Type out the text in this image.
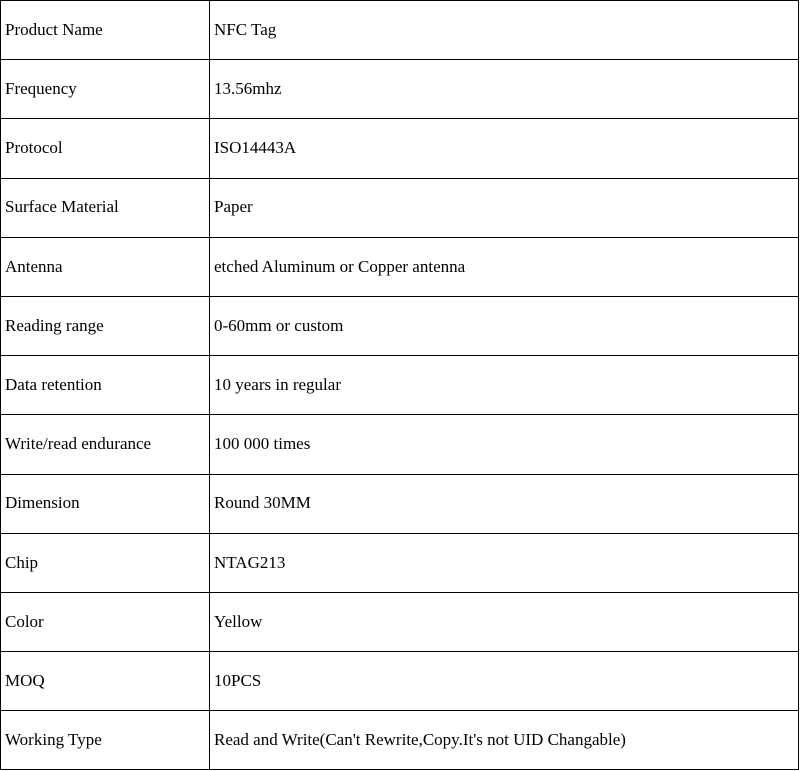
Product Name	NFC Tag
Frequency	13.56mhz
Protocol	ISO14443A
Surface Material	Paper
Antenna	etched Aluminum or Copper antenna
Reading range	0-60mm or custom
Data retention	10 years in regular
Write/read endurance	100 000 times
Dimension	Round 30MM
Chip	NTAG213
Color	Yellow
MOQ	10PCS
Working Type	Read and Write(Can't Rewrite,Copy.It's not UID Changable)
